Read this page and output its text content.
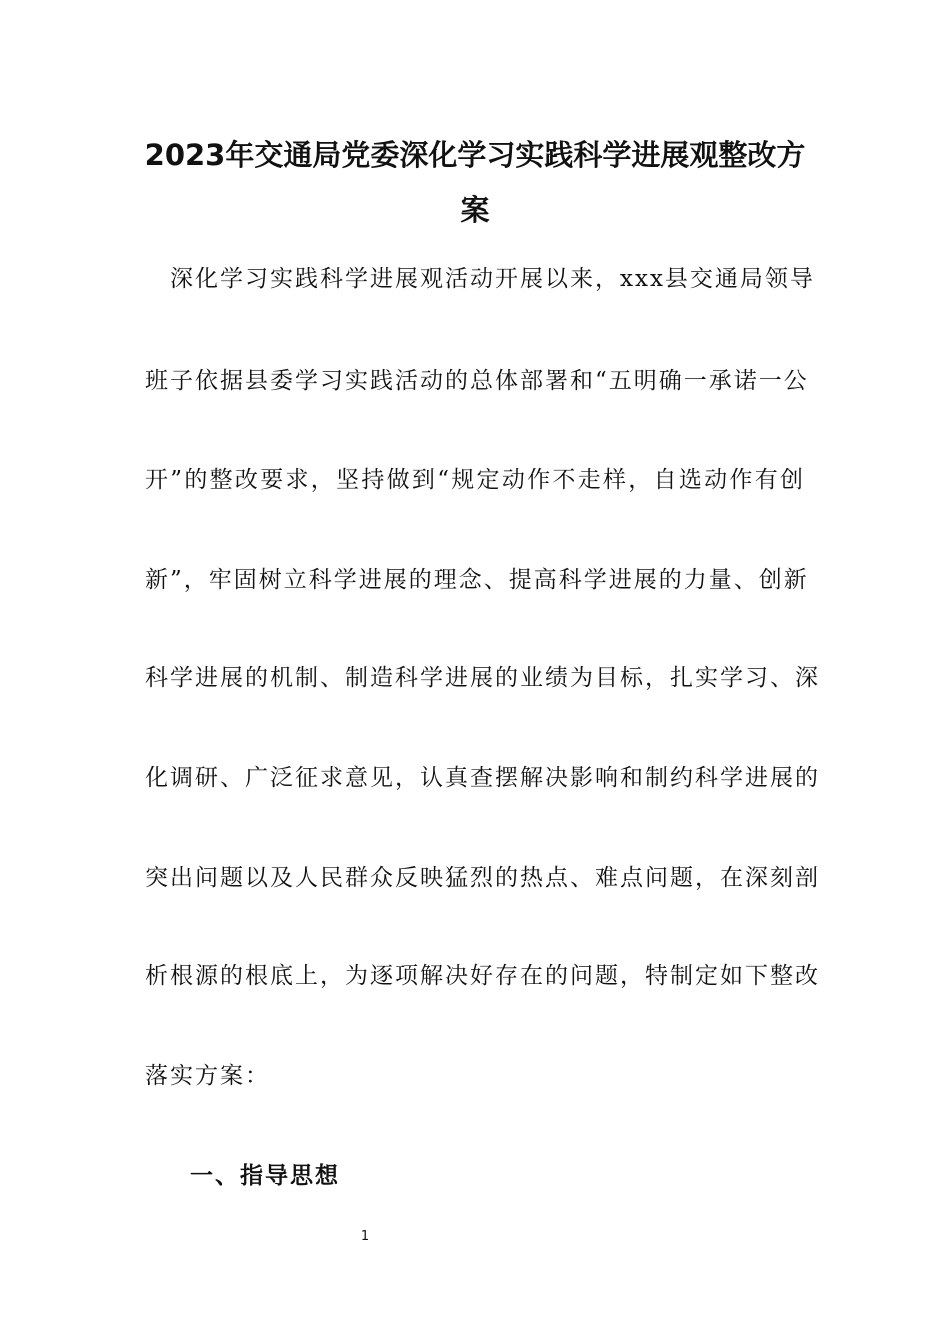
2023年交通局党委深化学习实践科学进展观整改方
案

深化学习实践科学进展观活动开展以来，xxx县交通局领导

班子依据县委学习实践活动的总体部署和“五明确一承诺一公

开”的整改要求，坚持做到“规定动作不走样，自选动作有创

新”，牢固树立科学进展的理念、提高科学进展的力量、创新

科学进展的机制、制造科学进展的业绩为目标，扎实学习、深

化调研、广泛征求意见，认真查摆解决影响和制约科学进展的

突出问题以及人民群众反映猛烈的热点、难点问题，在深刻剖

析根源的根底上，为逐项解决好存在的问题，特制定如下整改

落实方案：

一、指导思想
1
